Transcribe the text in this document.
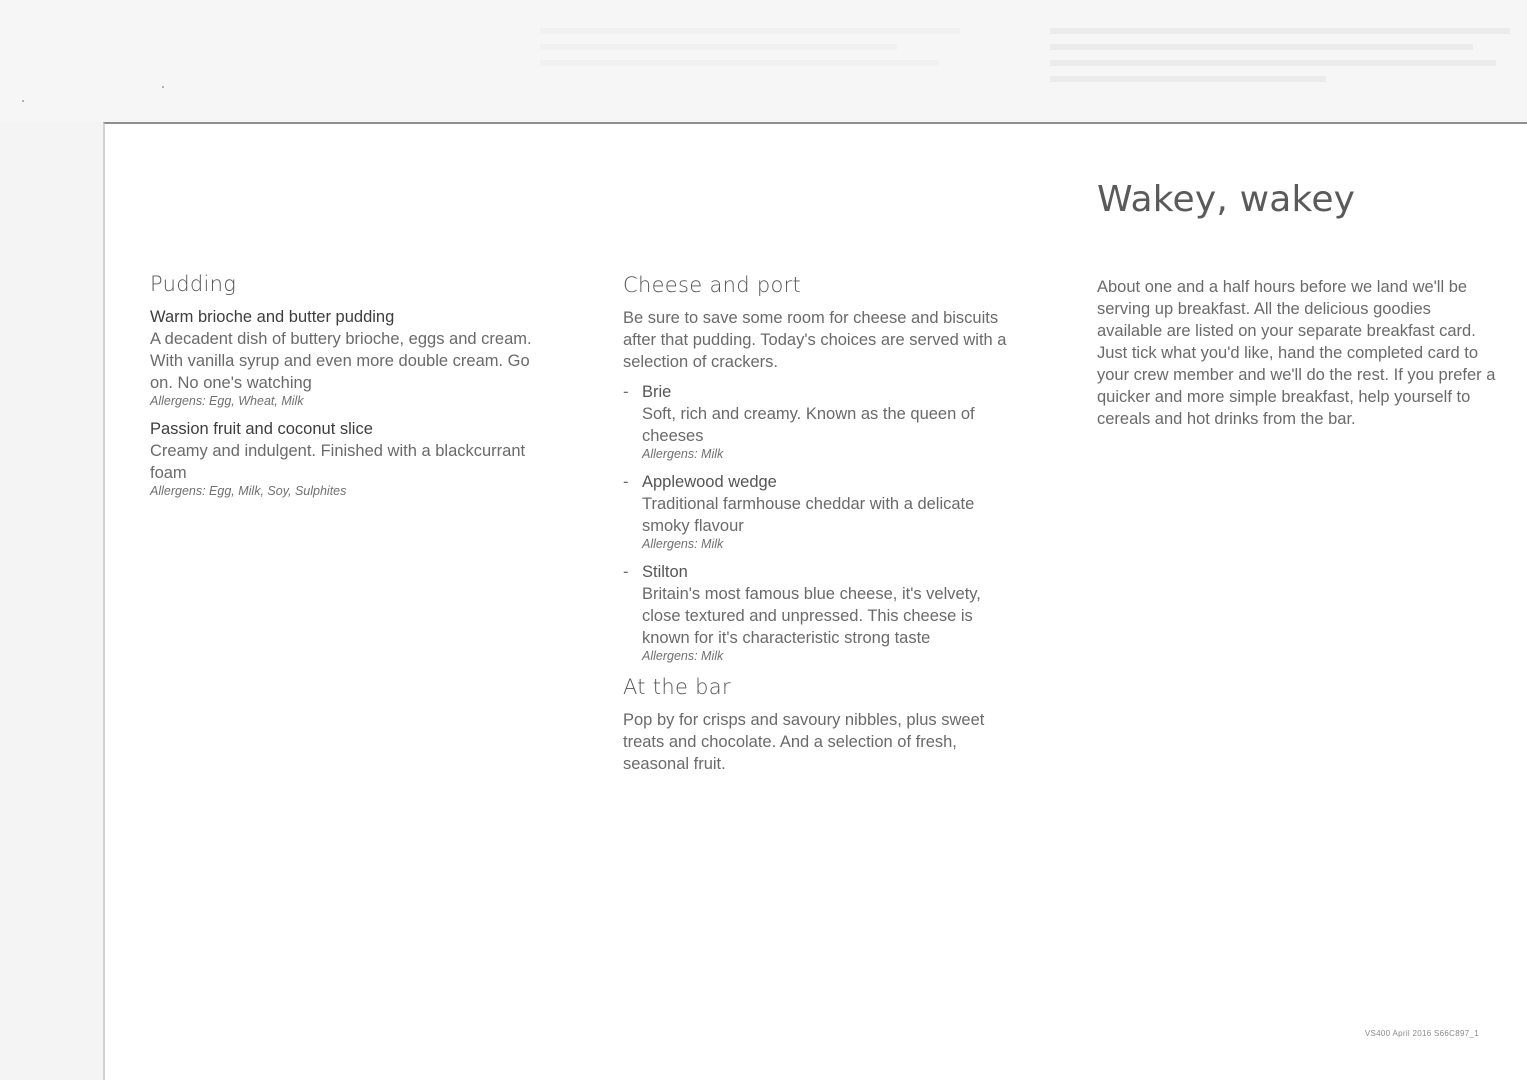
Pudding
Warm brioche and butter pudding
A decadent dish of buttery brioche, eggs and cream. With vanilla syrup and even more double cream. Go on. No one's watching
Allergens: Egg, Wheat, Milk
Passion fruit and coconut slice
Creamy and indulgent. Finished with a blackcurrant foam
Allergens: Egg, Milk, Soy, Sulphites
Cheese and port
Be sure to save some room for cheese and biscuits after that pudding. Today's choices are served with a selection of crackers.
- Brie
Soft, rich and creamy. Known as the queen of cheeses
Allergens: Milk
- Applewood wedge
Traditional farmhouse cheddar with a delicate smoky flavour
Allergens: Milk
- Stilton
Britain's most famous blue cheese, it's velvety, close textured and unpressed. This cheese is known for it's characteristic strong taste
Allergens: Milk
At the bar
Pop by for crisps and savoury nibbles, plus sweet treats and chocolate. And a selection of fresh, seasonal fruit.
Wakey, wakey
About one and a half hours before we land we'll be serving up breakfast. All the delicious goodies available are listed on your separate breakfast card. Just tick what you'd like, hand the completed card to your crew member and we'll do the rest. If you prefer a quicker and more simple breakfast, help yourself to cereals and hot drinks from the bar.
VS400 April 2016 S66C897_1
